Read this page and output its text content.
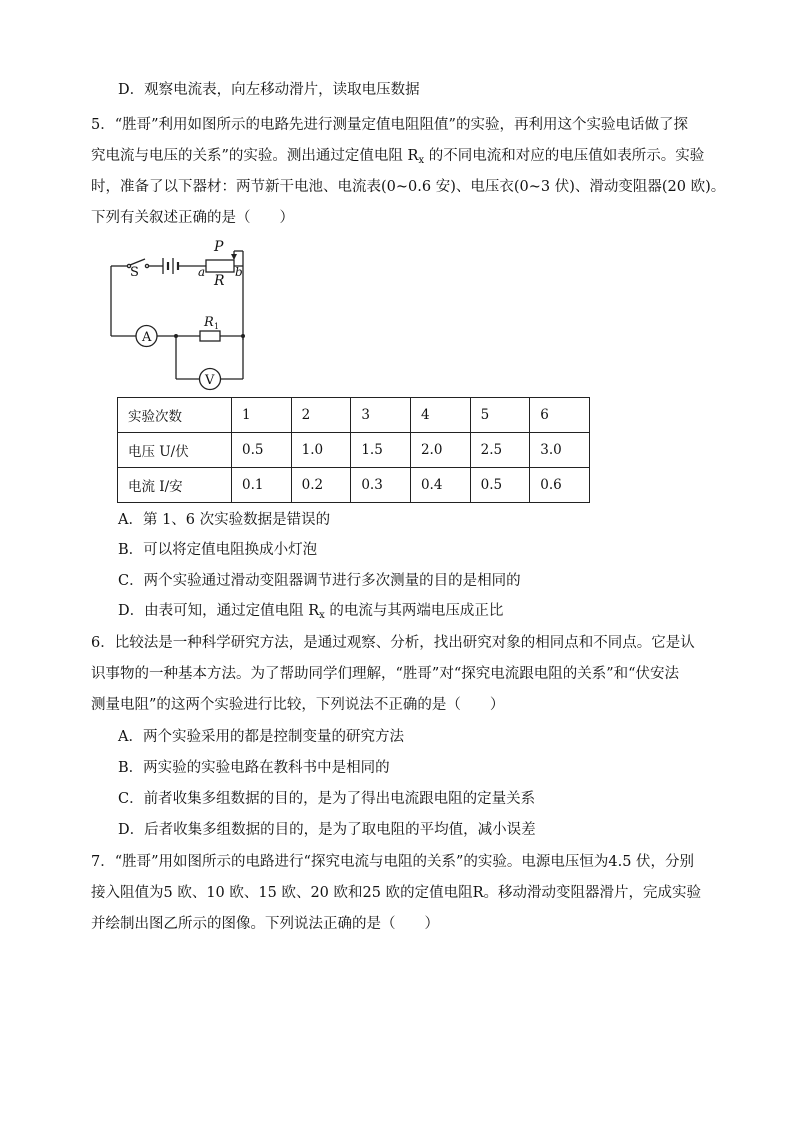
D．观察电流表，向左移动滑片，读取电压数据
5．“胜哥”利用如图所示的电路先进行测量定值电阻阻值”的实验，再利用这个实验电话做了探
究电流与电压的关系”的实验。测出通过定值电阻 $R_x$ 的不同电流和对应的电压值如表所示。实验
时，准备了以下器材：两节新干电池、电流表(0~0.6 安)、电压衣(0~3 伏)、滑动变阻器(20 欧)。
下列有关叙述正确的是（　　）
S
P
R
a b
R 1
A
V
实验次数	1	2	3	4	5	6
电压 U/伏	0.5	1.0	1.5	2.0	2.5	3.0
电流 I/安	0.1	0.2	0.3	0.4	0.5	0.6
A．第 1、6 次实验数据是错误的
B．可以将定值电阻换成小灯泡
C．两个实验通过滑动变阻器调节进行多次测量的目的是相同的
D．由表可知，通过定值电阻 $R_x$ 的电流与其两端电压成正比
6．比较法是一种科学研究方法，是通过观察、分析，找出研究对象的相同点和不同点。它是认
识事物的一种基本方法。为了帮助同学们理解，“胜哥”对“探究电流跟电阻的关系”和“伏安法
测量电阻”的这两个实验进行比较，下列说法不正确的是（　　）
A．两个实验采用的都是控制变量的研究方法
B．两实验的实验电路在教科书中是相同的
C．前者收集多组数据的目的，是为了得出电流跟电阻的定量关系
D．后者收集多组数据的目的，是为了取电阻的平均值，减小误差
7．“胜哥”用如图所示的电路进行“探究电流与电阻的关系”的实验。电源电压恒为4.5 伏，分别
接入阻值为5 欧、10 欧、15 欧、20 欧和25 欧的定值电阻R。移动滑动变阻器滑片，完成实验
并绘制出图乙所示的图像。下列说法正确的是（　　）
